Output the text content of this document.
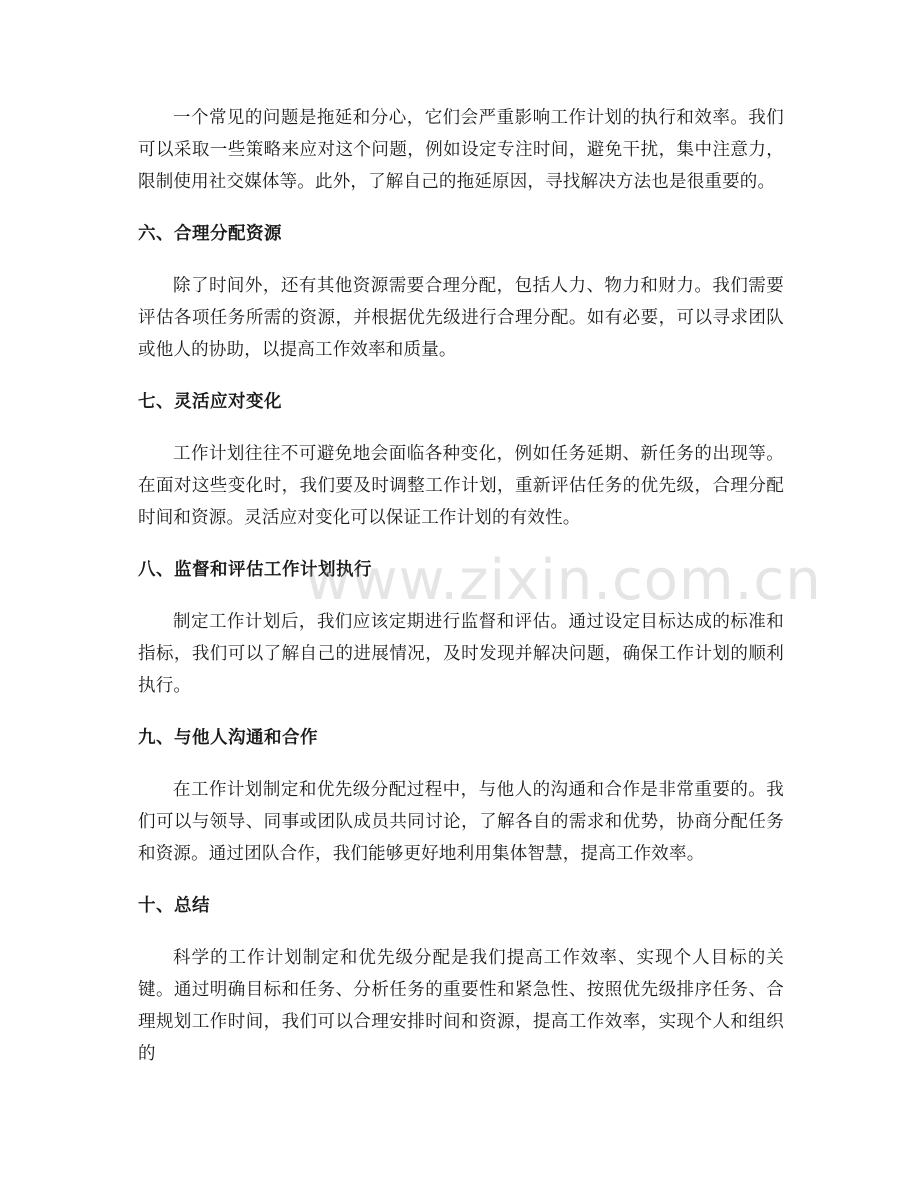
一个常见的问题是拖延和分心，它们会严重影响工作计划的执行和效率。我们可以采取一些策略来应对这个问题，例如设定专注时间，避免干扰，集中注意力，限制使用社交媒体等。此外，了解自己的拖延原因，寻找解决方法也是很重要的。

六、合理分配资源

除了时间外，还有其他资源需要合理分配，包括人力、物力和财力。我们需要评估各项任务所需的资源，并根据优先级进行合理分配。如有必要，可以寻求团队或他人的协助，以提高工作效率和质量。

七、灵活应对变化

工作计划往往不可避免地会面临各种变化，例如任务延期、新任务的出现等。在面对这些变化时，我们要及时调整工作计划，重新评估任务的优先级，合理分配时间和资源。灵活应对变化可以保证工作计划的有效性。

八、监督和评估工作计划执行

制定工作计划后，我们应该定期进行监督和评估。通过设定目标达成的标准和指标，我们可以了解自己的进展情况，及时发现并解决问题，确保工作计划的顺利执行。

九、与他人沟通和合作

在工作计划制定和优先级分配过程中，与他人的沟通和合作是非常重要的。我们可以与领导、同事或团队成员共同讨论，了解各自的需求和优势，协商分配任务和资源。通过团队合作，我们能够更好地利用集体智慧，提高工作效率。

十、总结

科学的工作计划制定和优先级分配是我们提高工作效率、实现个人目标的关键。通过明确目标和任务、分析任务的重要性和紧急性、按照优先级排序任务、合理规划工作时间，我们可以合理安排时间和资源，提高工作效率，实现个人和组织的

www.zixin.com.cn
